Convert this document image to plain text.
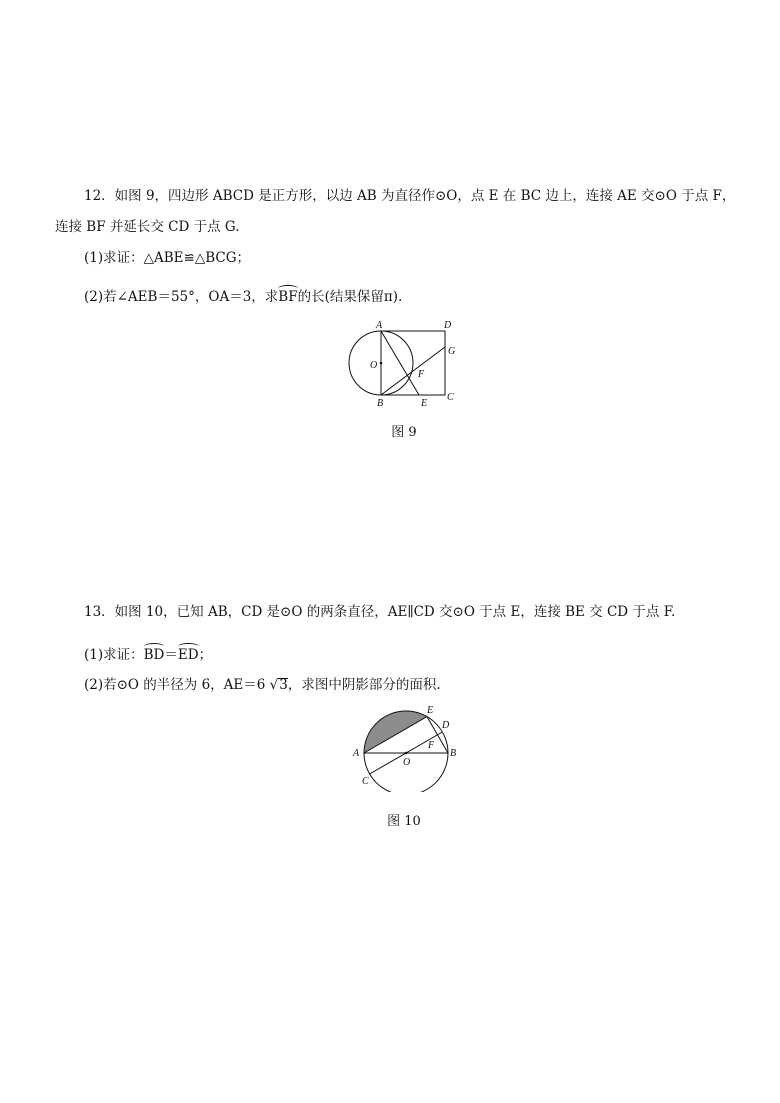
12．如图 9，四边形 ABCD 是正方形，以边 AB 为直径作⊙O，点 E 在 BC 边上，连接 AE 交⊙O 于点 F，
连接 BF 并延长交 CD 于点 G.
(1)求证：△ABE≌△BCG；
(2)若∠AEB＝55°，OA＝3，求BF的长(结果保留π).
A	D
O
G
F
B	E
C
图 9
13．如图 10，已知 AB，CD 是⊙O 的两条直径，AE∥CD 交⊙O 于点 E，连接 BE 交 CD 于点 F.
(1)求证：BD＝ED；
(2)若⊙O 的半径为 6，AE＝6 √3，求图中阴影部分的面积.
E
D
A
F
B
O
C
图 10
